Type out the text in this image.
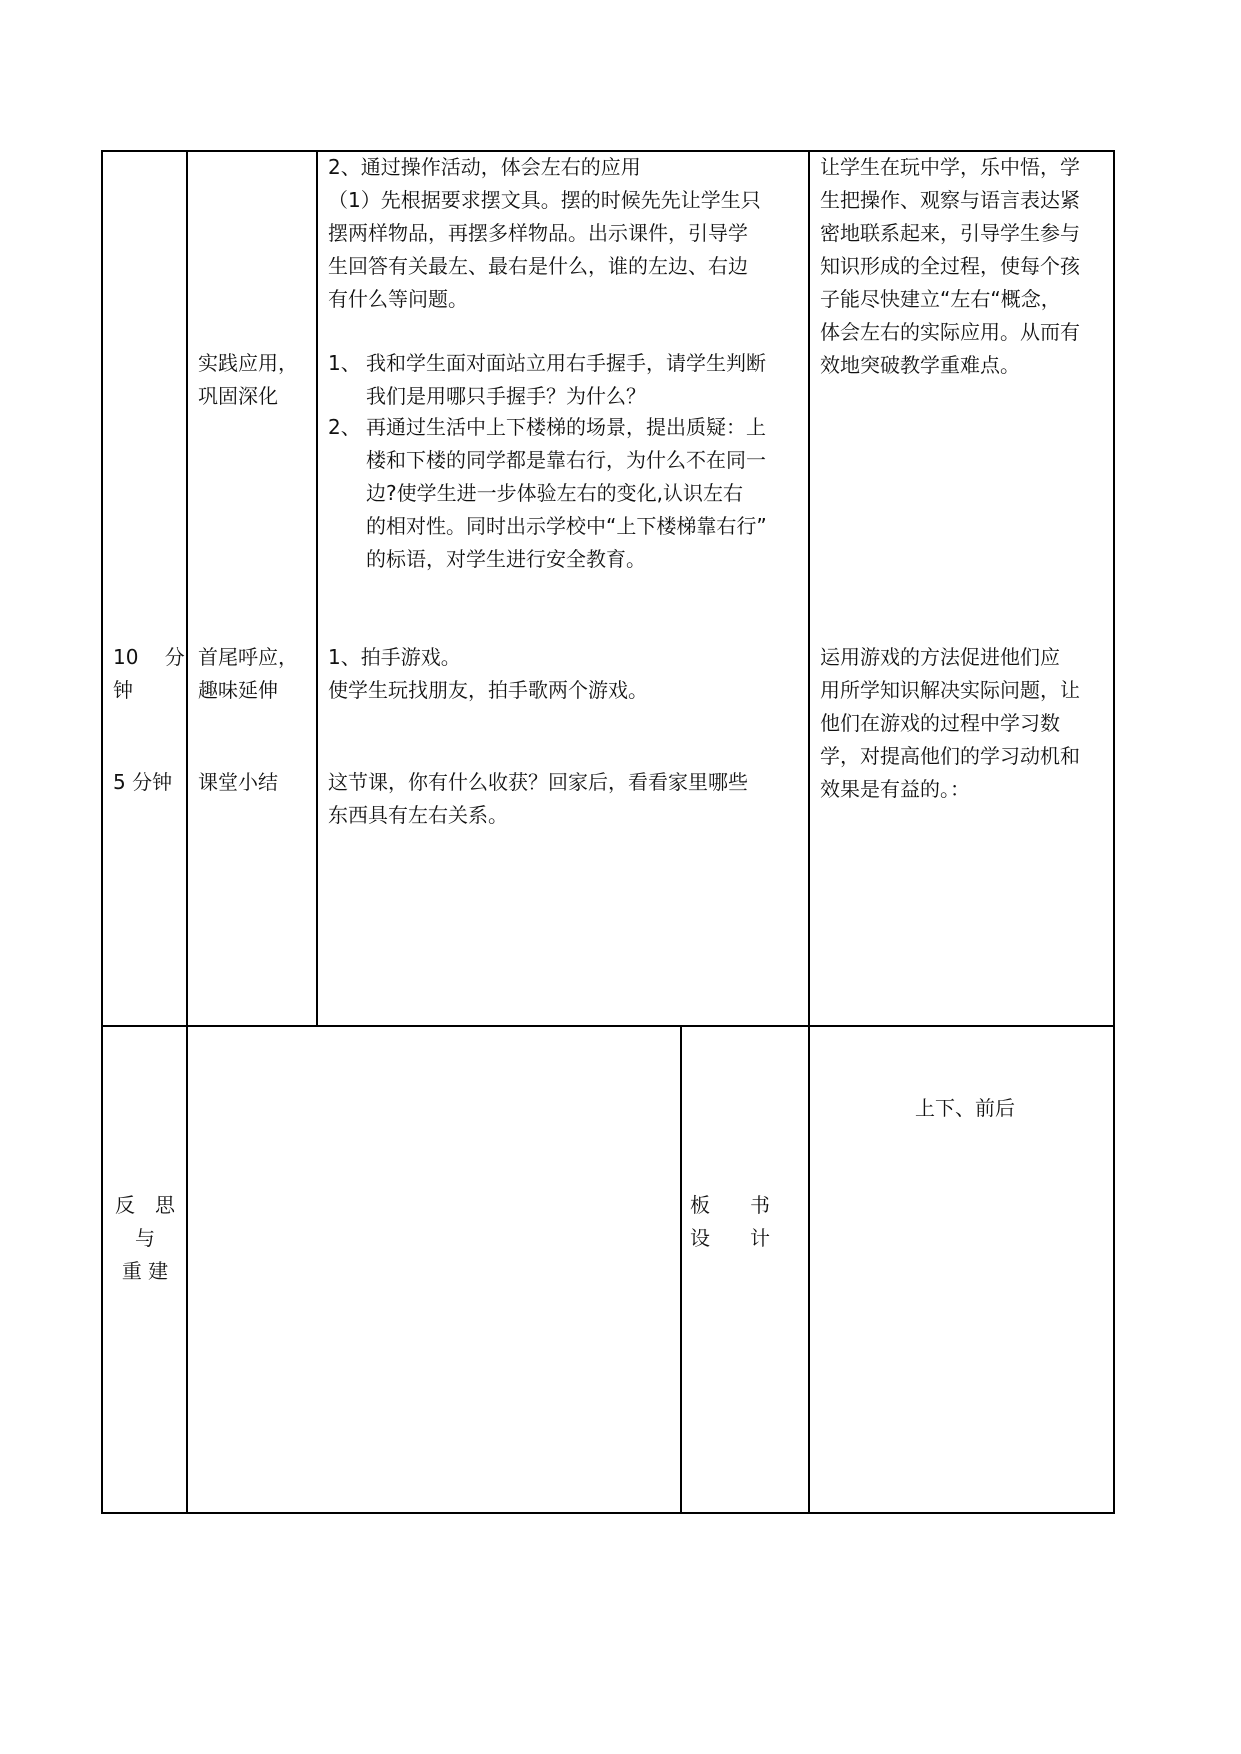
实践应用，
巩固深化
2、通过操作活动，体会左右的应用
（1）先根据要求摆文具。摆的时候先先让学生只
摆两样物品，再摆多样物品。出示课件，引导学
生回答有关最左、最右是什么，谁的左边、右边
有什么等问题。
1、 我和学生面对面站立用右手握手，请学生判断
我们是用哪只手握手？为什么？
2、 再通过生活中上下楼梯的场景，提出质疑：上
楼和下楼的同学都是靠右行，为什么不在同一
边?使学生进一步体验左右的变化,认识左右
的相对性。同时出示学校中“上下楼梯靠右行”
的标语，对学生进行安全教育。
让学生在玩中学，乐中悟，学
生把操作、观察与语言表达紧
密地联系起来，引导学生参与
知识形成的全过程，使每个孩
子能尽快建立“左右“概念，
体会左右的实际应用。从而有
效地突破教学重难点。
10　 分
钟
首尾呼应，
趣味延伸
1、拍手游戏。
使学生玩找朋友，拍手歌两个游戏。
运用游戏的方法促进他们应
用所学知识解决实际问题，让
他们在游戏的过程中学习数
学，对提高他们的学习动机和
效果是有益的。：
5 分钟 课堂小结	这节课，你有什么收获？回家后，看看家里哪些
东西具有左右关系。
反　思
与
重 建
板　　书
设　　计
上下、前后
